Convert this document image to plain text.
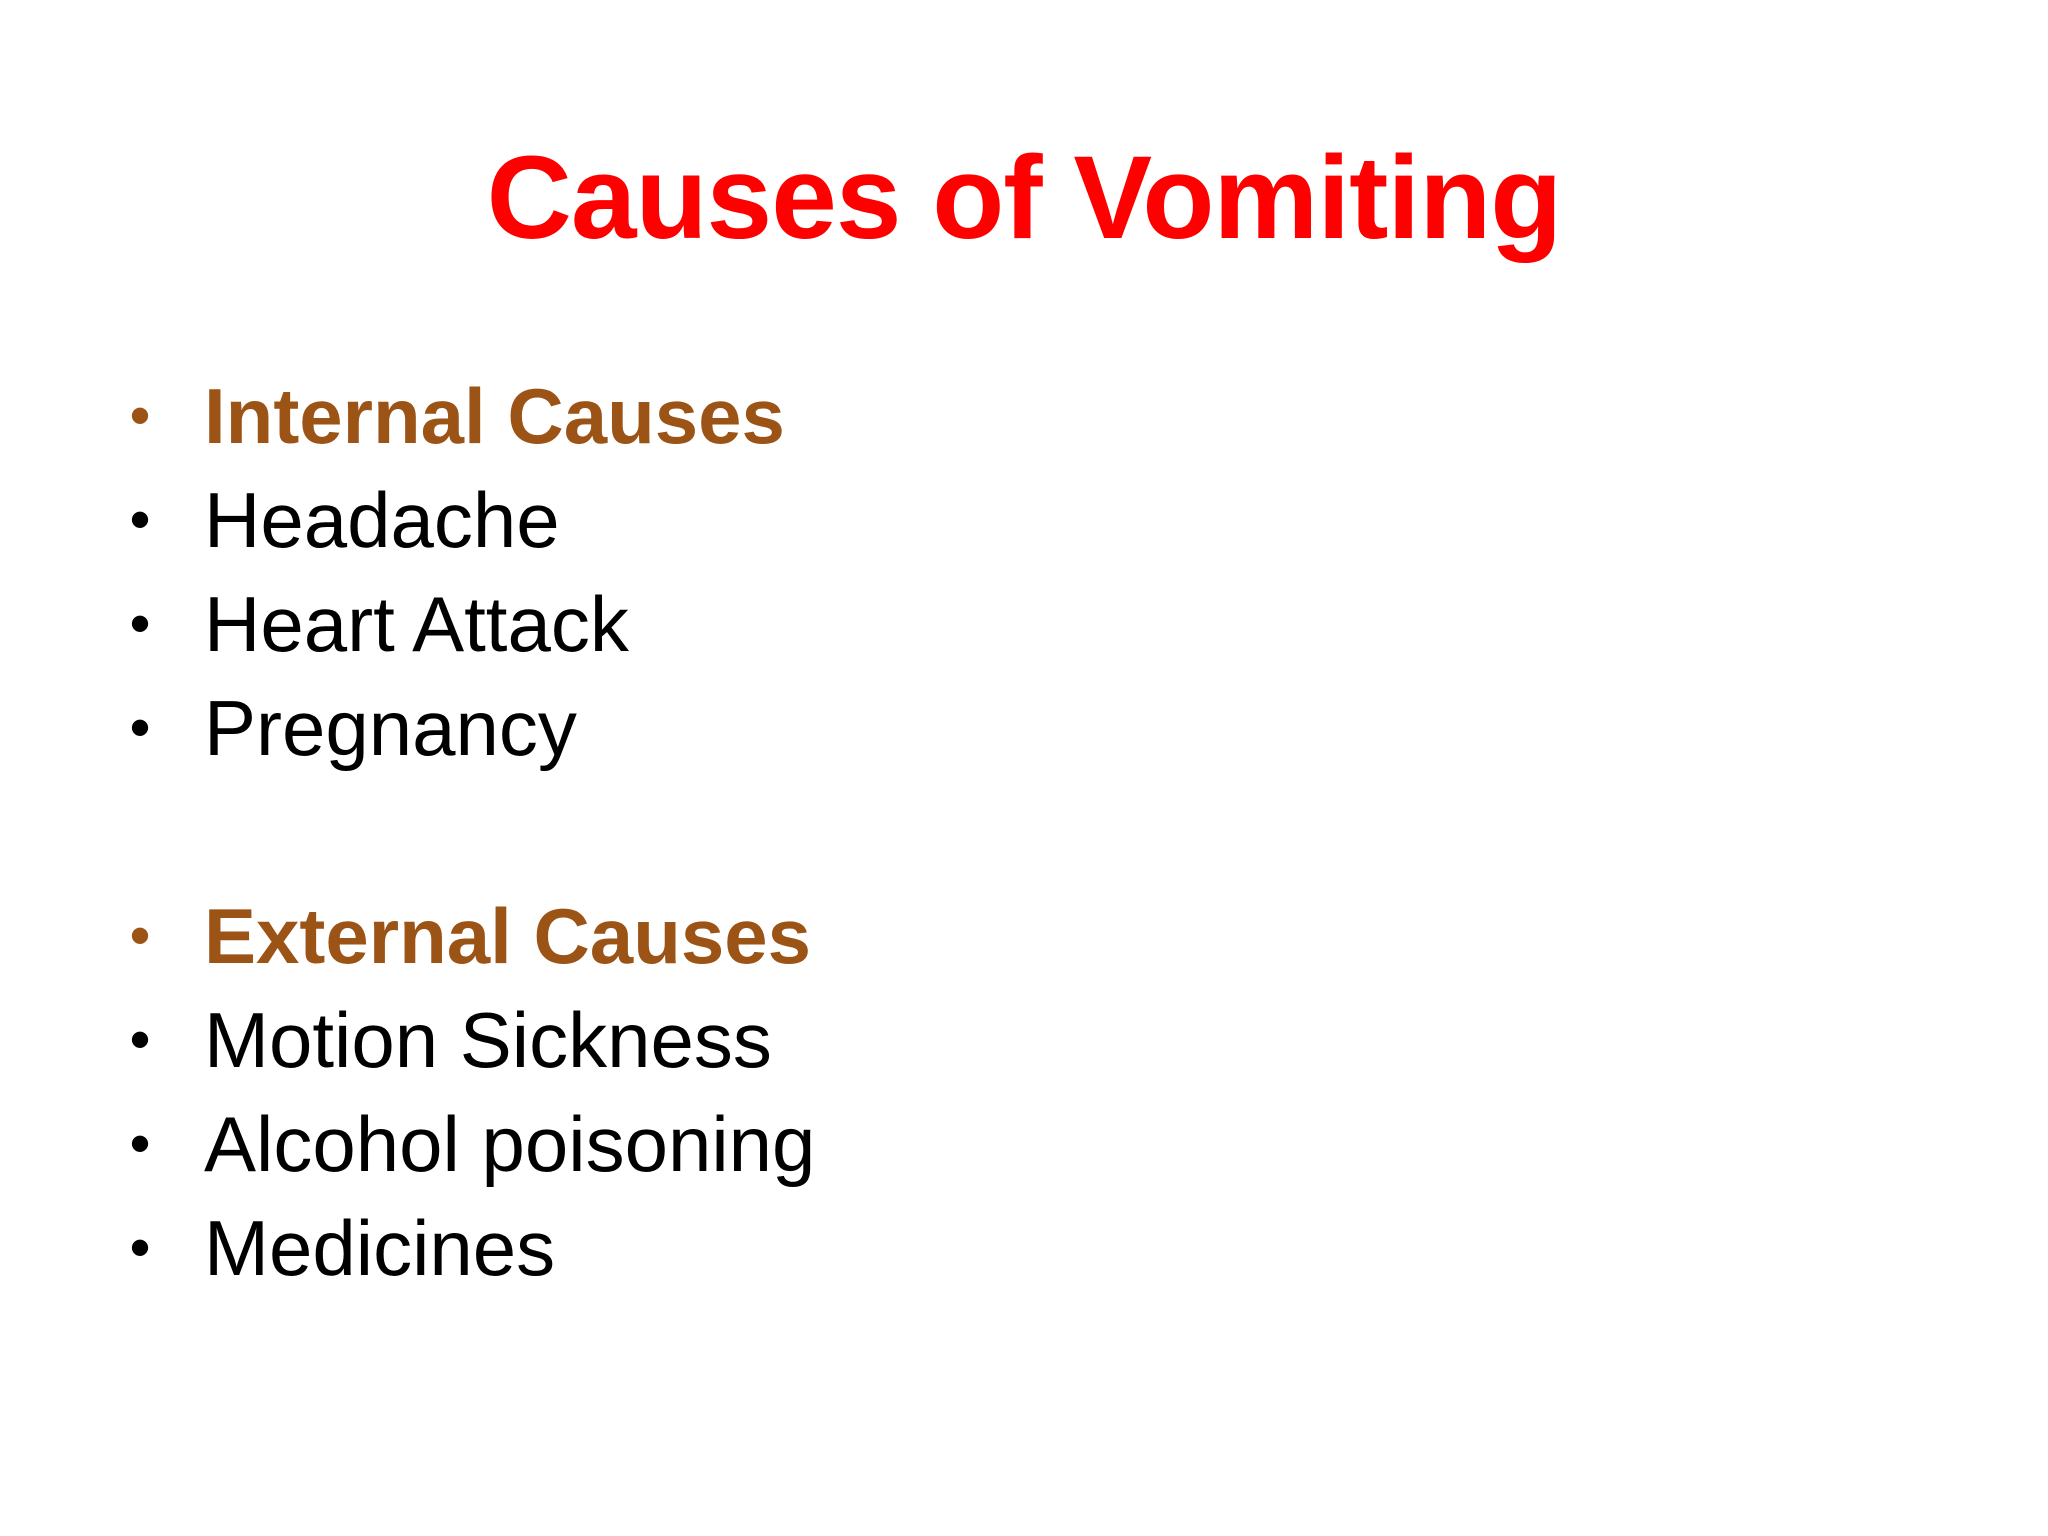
Causes of Vomiting
• Internal Causes
• Headache
• Heart Attack
• Pregnancy
• External Causes
• Motion Sickness
• Alcohol poisoning
• Medicines
